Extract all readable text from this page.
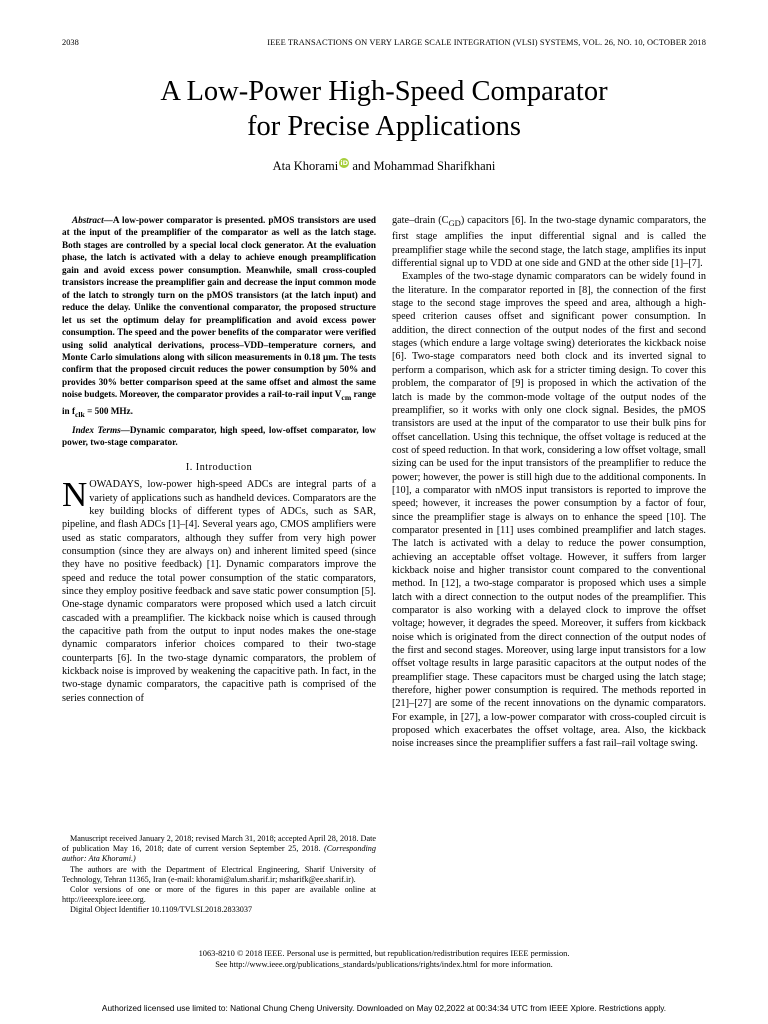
2038	IEEE TRANSACTIONS ON VERY LARGE SCALE INTEGRATION (VLSI) SYSTEMS, VOL. 26, NO. 10, OCTOBER 2018
A Low-Power High-Speed Comparator
for Precise Applications
Ata Khorami iD and Mohammad Sharifkhani

Abstract—A low-power comparator is presented. pMOS transistors are used at the input of the preamplifier of the comparator as well as the latch stage. Both stages are controlled by a special local clock generator. At the evaluation phase, the latch is activated with a delay to achieve enough preamplification gain and avoid excess power consumption. Meanwhile, small cross-coupled transistors increase the preamplifier gain and decrease the input common mode of the latch to strongly turn on the pMOS transistors (at the latch input) and reduce the delay. Unlike the conventional comparator, the proposed structure let us set the optimum delay for preamplification and avoid excess power consumption. The speed and the power benefits of the comparator were verified using solid analytical derivations, process–VDD–temperature corners, and Monte Carlo simulations along with silicon measurements in 0.18 μm. The tests confirm that the proposed circuit reduces the power consumption by 50% and provides 30% better comparison speed at the same offset and almost the same noise budgets. Moreover, the comparator provides a rail-to-rail input $V_{cm}$ range in $f_{clk} = 500$ MHz.

Index Terms—Dynamic comparator, high speed, low-offset comparator, low power, two-stage comparator.

I. Introduction

NOWADAYS, low-power high-speed ADCs are integral parts of a variety of applications such as handheld devices. Comparators are the key building blocks of different types of ADCs, such as SAR, pipeline, and flash ADCs [1]–[4]. Several years ago, CMOS amplifiers were used as static comparators, although they suffer from very high power consumption (since they are always on) and inherent limited speed (since they have no positive feedback) [1]. Dynamic comparators improve the speed and reduce the total power consumption of the static comparators, since they employ positive feedback and save static power consumption [5]. One-stage dynamic comparators were proposed which used a latch circuit cascaded with a preamplifier. The kickback noise which is caused through the capacitive path from the output to input nodes makes the one-stage dynamic comparators inferior choices compared to their two-stage counterparts [6]. In the two-stage dynamic comparators, the problem of kickback noise is improved by weakening the capacitive path. In fact, in the two-stage dynamic comparators, the capacitive path is comprised of the series connection of

gate–drain $(C_{GD})$ capacitors [6]. In the two-stage dynamic comparators, the first stage amplifies the input differential signal and is called the preamplifier stage while the second stage, the latch stage, amplifies its input differential signal up to VDD at one side and GND at the other side [1]–[7].

Examples of the two-stage dynamic comparators can be widely found in the literature. In the comparator reported in [8], the connection of the first stage to the second stage improves the speed and area, although a high-speed criterion causes offset and significant power consumption. In addition, the direct connection of the output nodes of the first and second stages (which endure a large voltage swing) deteriorates the kickback noise [6]. Two-stage comparators need both clock and its inverted signal to perform a comparison, which ask for a stricter timing design. To cover this problem, the comparator of [9] is proposed in which the activation of the latch is made by the common-mode voltage of the output nodes of the preamplifier, so it works with only one clock signal. Besides, the pMOS transistors are used at the input of the comparator to use their bulk pins for offset cancellation. Using this technique, the offset voltage is reduced at the cost of speed reduction. In that work, considering a low offset voltage, small sizing can be used for the input transistors of the preamplifier to reduce the power; however, the power is still high due to the additional components. In [10], a comparator with nMOS input transistors is reported to improve the speed; however, it increases the power consumption by a factor of four, since the preamplifier stage is always on to enhance the speed [10]. The comparator presented in [11] uses combined preamplifier and latch stages. The latch is activated with a delay to reduce the power consumption, achieving an acceptable offset voltage. However, it suffers from larger kickback noise and higher transistor count compared to the conventional method. In [12], a two-stage comparator is proposed which uses a simple latch with a direct connection to the output nodes of the preamplifier. This comparator is also working with a delayed clock to improve the offset voltage; however, it degrades the speed. Moreover, it suffers from kickback noise which is originated from the direct connection of the output nodes of the first and second stages. Moreover, using large input transistors for a low offset voltage results in large parasitic capacitors at the output nodes of the preamplifier stage. These capacitors must be charged using the latch stage; therefore, higher power consumption is required. The methods reported in [21]–[27] are some of the recent innovations on the dynamic comparators. For example, in [27], a low-power comparator with cross-coupled circuit is proposed which exacerbates the offset voltage, area. Also, the kickback noise increases since the preamplifier suffers a fast rail–rail voltage swing.

Manuscript received January 2, 2018; revised March 31, 2018; accepted April 28, 2018. Date of publication May 16, 2018; date of current version September 25, 2018. (Corresponding author: Ata Khorami.)

The authors are with the Department of Electrical Engineering, Sharif University of Technology, Tehran 11365, Iran (e-mail: khorami@alum.sharif.ir; msharifk@ee.sharif.ir).

Color versions of one or more of the figures in this paper are available online at http://ieeexplore.ieee.org.

Digital Object Identifier 10.1109/TVLSI.2018.2833037

1063-8210 © 2018 IEEE. Personal use is permitted, but republication/redistribution requires IEEE permission.
See http://www.ieee.org/publications_standards/publications/rights/index.html for more information.
Authorized licensed use limited to: National Chung Cheng University. Downloaded on May 02,2022 at 00:34:34 UTC from IEEE Xplore. Restrictions apply.
